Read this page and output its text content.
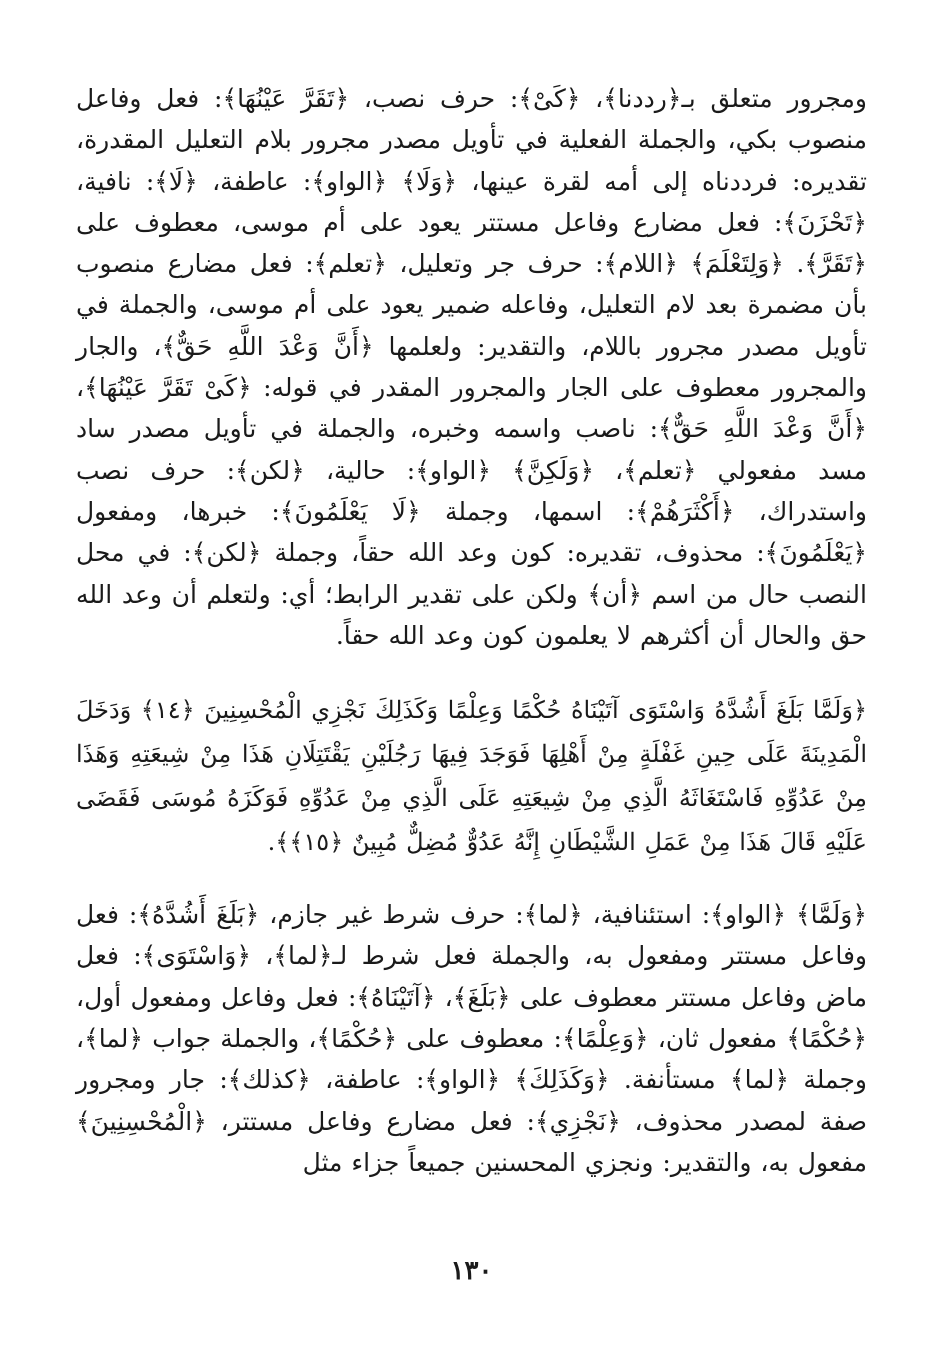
ومجرور متعلق بـ﴿رددنا﴾، ﴿كَىْ﴾: حرف نصب، ﴿تَقَرَّ عَيْنُهَا﴾: فعل وفاعل منصوب بكي، والجملة الفعلية في تأويل مصدر مجرور بلام التعليل المقدرة، تقديره: فرددناه إلى أمه لقرة عينها، ﴿وَلَا﴾ ﴿الواو﴾: عاطفة، ﴿لَا﴾: نافية، ﴿تَحْزَنَ﴾: فعل مضارع وفاعل مستتر يعود على أم موسى، معطوف على ﴿تَقَرَّ﴾. ﴿وَلِتَعْلَمَ﴾ ﴿اللام﴾: حرف جر وتعليل، ﴿تعلم﴾: فعل مضارع منصوب بأن مضمرة بعد لام التعليل، وفاعله ضمير يعود على أم موسى، والجملة في تأويل مصدر مجرور باللام، والتقدير: ولعلمها ﴿أَنَّ وَعْدَ اللَّهِ حَقٌّ﴾، والجار والمجرور معطوف على الجار والمجرور المقدر في قوله: ﴿كَىْ تَقَرَّ عَيْنُهَا﴾، ﴿أَنَّ وَعْدَ اللَّهِ حَقٌّ﴾: ناصب واسمه وخبره، والجملة في تأويل مصدر ساد مسد مفعولي ﴿تعلم﴾، ﴿وَلَكِنَّ﴾ ﴿الواو﴾: حالية، ﴿لكن﴾: حرف نصب واستدراك، ﴿أَكْثَرَهُمْ﴾: اسمها، وجملة ﴿لَا يَعْلَمُونَ﴾: خبرها، ومفعول ﴿يَعْلَمُونَ﴾: محذوف، تقديره: كون وعد الله حقاً، وجملة ﴿لكن﴾: في محل النصب حال من اسم ﴿أن﴾ ولكن على تقدير الرابط؛ أي: ولتعلم أن وعد الله حق والحال أن أكثرهم لا يعلمون كون وعد الله حقاً.

﴿وَلَمَّا بَلَغَ أَشُدَّهُ وَاسْتَوَى آتَيْنَاهُ حُكْمًا وَعِلْمًا وَكَذَلِكَ نَجْزِي الْمُحْسِنِينَ ﴿١٤﴾ وَدَخَلَ الْمَدِينَةَ عَلَى حِينِ غَفْلَةٍ مِنْ أَهْلِهَا فَوَجَدَ فِيهَا رَجُلَيْنِ يَقْتَتِلَانِ هَذَا مِنْ شِيعَتِهِ وَهَذَا مِنْ عَدُوِّهِ فَاسْتَغَاثَهُ الَّذِي مِنْ شِيعَتِهِ عَلَى الَّذِي مِنْ عَدُوِّهِ فَوَكَزَهُ مُوسَى فَقَضَى عَلَيْهِ قَالَ هَذَا مِنْ عَمَلِ الشَّيْطَانِ إِنَّهُ عَدُوٌّ مُضِلٌّ مُبِينٌ ﴿١٥﴾﴾.

﴿وَلَمَّا﴾ ﴿الواو﴾: استئنافية، ﴿لما﴾: حرف شرط غير جازم، ﴿بَلَغَ أَشُدَّهُ﴾: فعل وفاعل مستتر ومفعول به، والجملة فعل شرط لـ﴿لما﴾، ﴿وَاسْتَوَى﴾: فعل ماض وفاعل مستتر معطوف على ﴿بَلَغَ﴾، ﴿آتَيْنَاهُ﴾: فعل وفاعل ومفعول أول، ﴿حُكْمًا﴾ مفعول ثان، ﴿وَعِلْمًا﴾: معطوف على ﴿حُكْمًا﴾، والجملة جواب ﴿لما﴾، وجملة ﴿لما﴾ مستأنفة. ﴿وَكَذَلِكَ﴾ ﴿الواو﴾: عاطفة، ﴿كذلك﴾: جار ومجرور صفة لمصدر محذوف، ﴿نَجْزِي﴾: فعل مضارع وفاعل مستتر، ﴿الْمُحْسِنِينَ﴾ مفعول به، والتقدير: ونجزي المحسنين جميعاً جزاء مثل

١٣٠
